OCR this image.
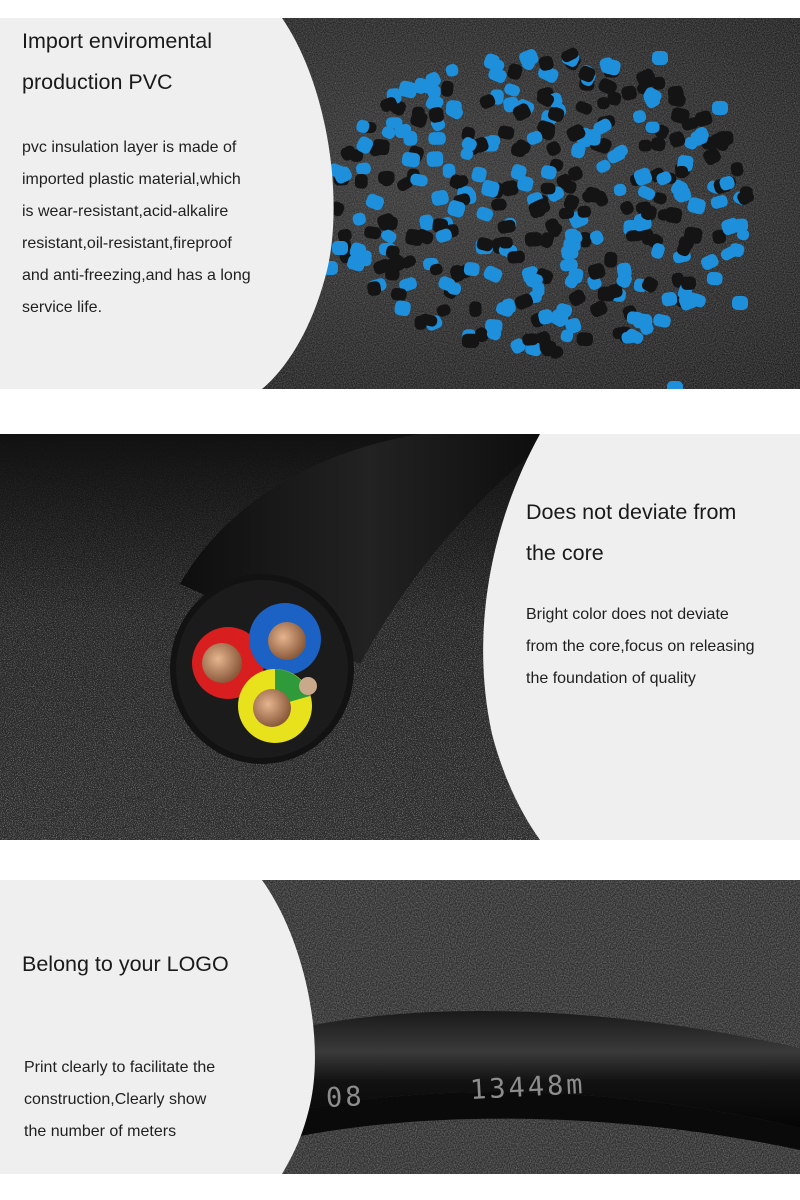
Import enviromental
production PVC

pvc insulation layer is made of
imported plastic material,which
is wear-resistant,acid-alkalire
resistant,oil-resistant,fireproof
and anti-freezing,and has a long
service life.

Does not deviate from
the core

Bright color does not deviate
from the core,focus on releasing
the foundation of quality

08	13448m
Belong to your LOGO

Print clearly to facilitate the
construction,Clearly show
the number of meters
